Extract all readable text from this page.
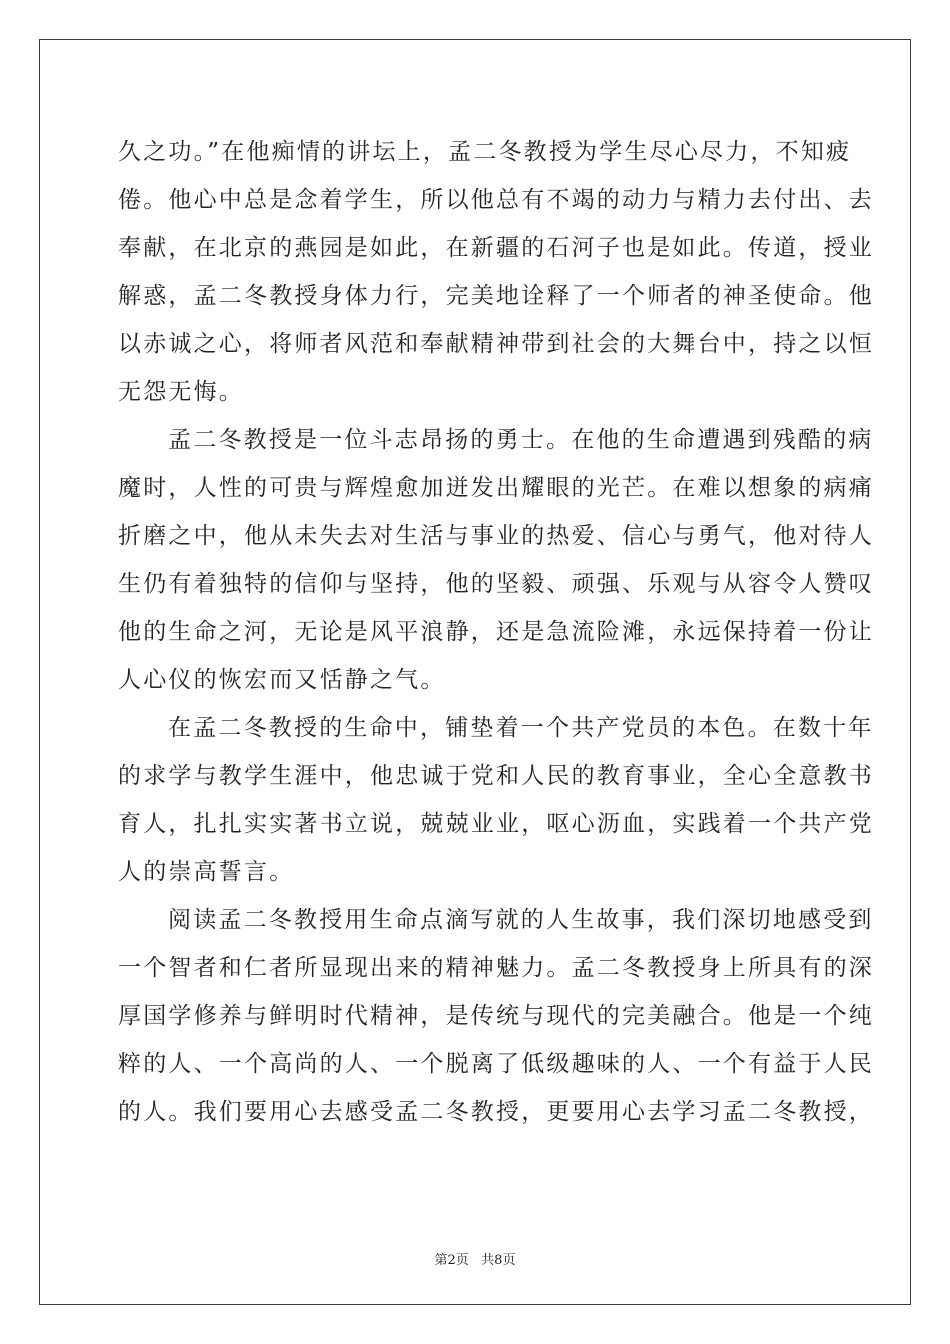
久之功。”在他痴情的讲坛上，孟二冬教授为学生尽心尽力，不知疲
倦。他心中总是念着学生，所以他总有不竭的动力与精力去付出、去
奉献，在北京的燕园是如此，在新疆的石河子也是如此。传道，授业
解惑，孟二冬教授身体力行，完美地诠释了一个师者的神圣使命。他
以赤诚之心，将师者风范和奉献精神带到社会的大舞台中，持之以恒
无怨无悔。
孟二冬教授是一位斗志昂扬的勇士。在他的生命遭遇到残酷的病
魔时，人性的可贵与辉煌愈加迸发出耀眼的光芒。在难以想象的病痛
折磨之中，他从未失去对生活与事业的热爱、信心与勇气，他对待人
生仍有着独特的信仰与坚持，他的坚毅、顽强、乐观与从容令人赞叹
他的生命之河，无论是风平浪静，还是急流险滩，永远保持着一份让
人心仪的恢宏而又恬静之气。
在孟二冬教授的生命中，铺垫着一个共产党员的本色。在数十年
的求学与教学生涯中，他忠诚于党和人民的教育事业，全心全意教书
育人，扎扎实实著书立说，兢兢业业，呕心沥血，实践着一个共产党
人的崇高誓言。
阅读孟二冬教授用生命点滴写就的人生故事，我们深切地感受到
一个智者和仁者所显现出来的精神魅力。孟二冬教授身上所具有的深
厚国学修养与鲜明时代精神，是传统与现代的完美融合。他是一个纯
粹的人、一个高尚的人、一个脱离了低级趣味的人、一个有益于人民
的人。我们要用心去感受孟二冬教授，更要用心去学习孟二冬教授，
第2页   共8页
